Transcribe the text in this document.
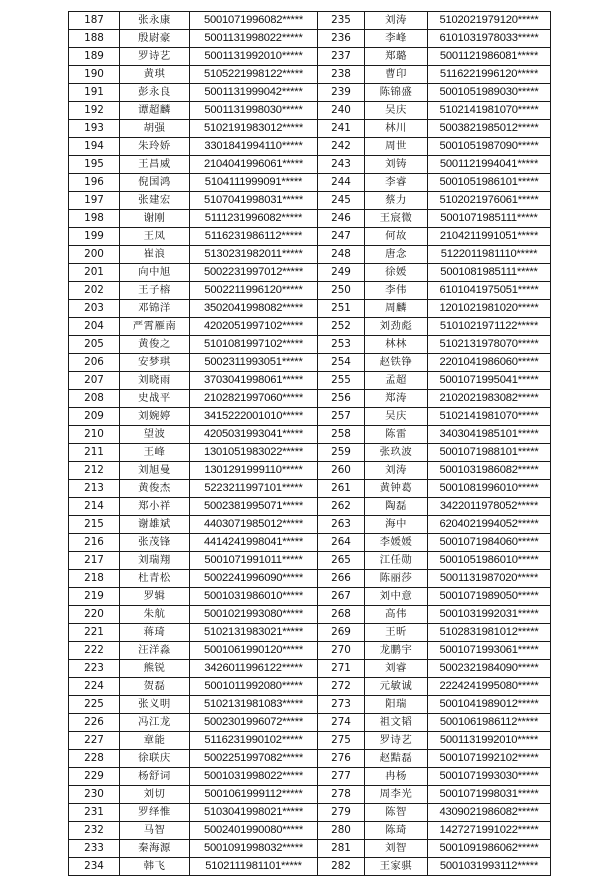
187	张永康	5001071996082*****	235	刘涛	5102021979120*****
188	殷尉豪	5001131998022*****	236	李峰	6101031978033*****
189	罗诗艺	5001131992010*****	237	郑璐	5001121986081*****
190	黄琪	5105221998122*****	238	曹印	5116221996120*****
191	彭永良	5001131999042*****	239	陈锦盛	5001051989030*****
192	谭超麟	5001131998030*****	240	吴庆	5102141981070*****
193	胡强	5102191983012*****	241	林川	5003821985012*****
194	朱玲娇	3301841994110*****	242	周世	5001051987090*****
195	王昌威	2104041996061*****	243	刘铸	5001121994041*****
196	倪国鸿	5104111999091*****	244	李睿	5001051986101*****
197	张建宏	5107041998031*****	245	蔡力	5102021976061*****
198	谢刚	5111231996082*****	246	王宸微	5001071985111*****
199	王凤	5116231986112*****	247	何故	2104211991051*****
200	崔浪	5130231982011*****	248	唐念	5122011981110*****
201	向中旭	5002231997012*****	249	徐媛	5001081985111*****
202	王子榕	5002211996120*****	250	李伟	6101041975051*****
203	邓锦洋	3502041998082*****	251	周麟	1201021981020*****
204	严霄雁南	4202051997102*****	252	刘劲彪	5101021971122*****
205	黄俊之	5101081997102*****	253	林林	5102131978070*****
206	安梦琪	5002311993051*****	254	赵铁铮	2201041986060*****
207	刘晓雨	3703041998061*****	255	孟超	5001071995041*****
208	史战平	2102821997060*****	256	郑涛	2102021983082*****
209	刘婉婷	3415222001010*****	257	吴庆	5102141981070*****
210	望波	4205031993041*****	258	陈雷	3403041985101*****
211	王峰	1301051983022*****	259	张玖波	5001071988101*****
212	刘旭曼	1301291999110*****	260	刘涛	5001031986082*****
213	黄俊杰	5223211997101*****	261	黄钟葛	5001081996010*****
214	郑小祥	5002381995071*****	262	陶磊	3422011978052*****
215	谢雄斌	4403071985012*****	263	海中	6204021994052*****
216	张茂锋	4414241998041*****	264	李媛媛	5001071984060*****
217	刘瑞翔	5001071991011*****	265	江任勋	5001051986010*****
218	杜青松	5002241996090*****	266	陈丽莎	5001131987020*****
219	罗辑	5001031986010*****	267	刘中意	5001071989050*****
220	朱航	5001021993080*****	268	高伟	5001031992031*****
221	蒋琦	5102131983021*****	269	王昕	5102831981012*****
222	汪洋淼	5001061990120*****	270	龙鹏宇	5001071993061*****
223	熊锐	3426011996122*****	271	刘睿	5002321984090*****
224	贺磊	5001011992080*****	272	元敏诚	2224241995080*****
225	张义明	5102131981083*****	273	阳瑞	5001041989012*****
226	冯江龙	5002301996072*****	274	祖文韬	5001061986112*****
227	章能	5116231990102*****	275	罗诗艺	5001131992010*****
228	徐联庆	5002251997082*****	276	赵黠磊	5001071992102*****
229	杨舒词	5001031998022*****	277	冉杨	5001071993030*****
230	刘切	5001061999112*****	278	周李光	5001071998031*****
231	罗绎惟	5103041998021*****	279	陈智	4309021986082*****
232	马智	5002401990080*****	280	陈琦	1427271991022*****
233	秦海源	5001091998032*****	281	刘智	5001091986062*****
234	韩飞	5102111981101*****	282	王家骐	5001031993112*****
